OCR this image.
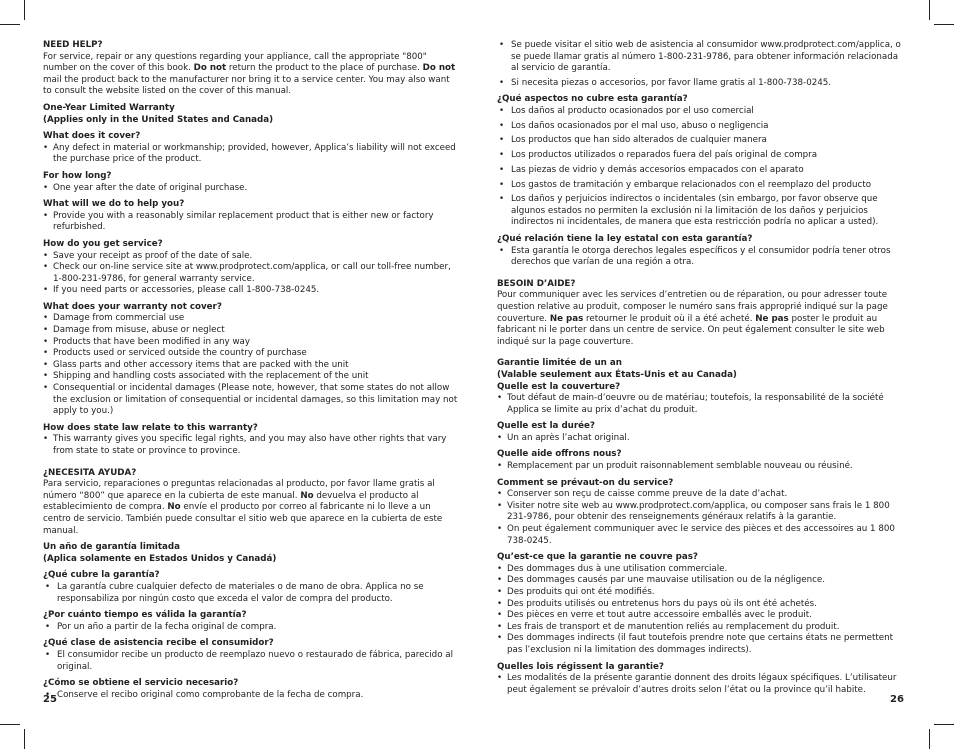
NEED HELP?

For service, repair or any questions regarding your appliance, call the appropriate "800" number on the cover of this book. Do not return the product to the place of purchase. Do not mail the product back to the manufacturer nor bring it to a service center. You may also want to consult the website listed on the cover of this manual.

One-Year Limited Warranty

(Applies only in the United States and Canada)

What does it cover?

• Any defect in material or workmanship; provided, however, Applica’s liability will not exceed the purchase price of the product.

For how long?

• One year after the date of original purchase.

What will we do to help you?

• Provide you with a reasonably similar replacement product that is either new or factory refurbished.

How do you get service?

• Save your receipt as proof of the date of sale.
• Check our on-line service site at www.prodprotect.com/applica, or call our toll-free number, 1-800-231-9786, for general warranty service.
• If you need parts or accessories, please call 1-800-738-0245.

What does your warranty not cover?

• Damage from commercial use
• Damage from misuse, abuse or neglect
• Products that have been modified in any way
• Products used or serviced outside the country of purchase
• Glass parts and other accessory items that are packed with the unit
• Shipping and handling costs associated with the replacement of the unit
• Consequential or incidental damages (Please note, however, that some states do not allow the exclusion or limitation of consequential or incidental damages, so this limitation may not apply to you.)

How does state law relate to this warranty?

• This warranty gives you specific legal rights, and you may also have other rights that vary from state to state or province to province.

¿NECESITA AYUDA?

Para servicio, reparaciones o preguntas relacionadas al producto, por favor llame gratis al número “800” que aparece en la cubierta de este manual. No devuelva el producto al establecimiento de compra. No envíe el producto por correo al fabricante ni lo lleve a un centro de servicio. También puede consultar el sitio web que aparece en la cubierta de este manual.

Un año de garantía limitada

(Aplica solamente en Estados Unidos y Canadá)

¿Qué cubre la garantía?

• La garantía cubre cualquier defecto de materiales o de mano de obra. Applica no se responsabiliza por ningún costo que exceda el valor de compra del producto.

¿Por cuánto tiempo es válida la garantía?

• Por un año a partir de la fecha original de compra.

¿Qué clase de asistencia recibe el consumidor?

• El consumidor recibe un producto de reemplazo nuevo o restaurado de fábrica, parecido al original.

¿Cómo se obtiene el servicio necesario?

• Conserve el recibo original como comprobante de la fecha de compra.
25
• Se puede visitar el sitio web de asistencia al consumidor www.prodprotect.com/applica, o se puede llamar gratis al número 1-800-231-9786, para obtener información relacionada al servicio de garantía.
• Si necesita piezas o accesorios, por favor llame gratis al 1-800-738-0245.

¿Qué aspectos no cubre esta garantía?

• Los daños al producto ocasionados por el uso comercial
• Los daños ocasionados por el mal uso, abuso o negligencia
• Los productos que han sido alterados de cualquier manera
• Los productos utilizados o reparados fuera del país original de compra
• Las piezas de vidrio y demás accesorios empacados con el aparato
• Los gastos de tramitación y embarque relacionados con el reemplazo del producto
• Los daños y perjuicios indirectos o incidentales (sin embargo, por favor observe que algunos estados no permiten la exclusión ni la limitación de los daños y perjuicios indirectos ni incidentales, de manera que esta restricción podría no aplicar a usted).

¿Qué relación tiene la ley estatal con esta garantía?

• Esta garantía le otorga derechos legales específicos y el consumidor podría tener otros derechos que varían de una región a otra.

BESOIN D’AIDE?

Pour communiquer avec les services d’entretien ou de réparation, ou pour adresser toute question relative au produit, composer le numéro sans frais approprié indiqué sur la page couverture. Ne pas retourner le produit où il a été acheté. Ne pas poster le produit au fabricant ni le porter dans un centre de service. On peut également consulter le site web indiqué sur la page couverture.

Garantie limitée de un an

(Valable seulement aux États-Unis et au Canada)

Quelle est la couverture?

• Tout défaut de main-d’oeuvre ou de matériau; toutefois, la responsabilité de la société Applica se limite au prix d’achat du produit.

Quelle est la durée?

• Un an après l’achat original.

Quelle aide offrons nous?

• Remplacement par un produit raisonnablement semblable nouveau ou réusiné.

Comment se prévaut-on du service?

• Conserver son reçu de caisse comme preuve de la date d’achat.
• Visiter notre site web au www.prodprotect.com/applica, ou composer sans frais le 1 800 231-9786, pour obtenir des renseignements généraux relatifs à la garantie.
• On peut également communiquer avec le service des pièces et des accessoires au 1 800 738-0245.

Qu’est-ce que la garantie ne couvre pas?

• Des dommages dus à une utilisation commerciale.
• Des dommages causés par une mauvaise utilisation ou de la négligence.
• Des produits qui ont été modifiés.
• Des produits utilisés ou entretenus hors du pays où ils ont été achetés.
• Des pièces en verre et tout autre accessoire emballés avec le produit.
• Les frais de transport et de manutention reliés au remplacement du produit.
• Des dommages indirects (il faut toutefois prendre note que certains états ne permettent pas l’exclusion ni la limitation des dommages indirects).

Quelles lois régissent la garantie?

• Les modalités de la présente garantie donnent des droits légaux spécifiques. L’utilisateur peut également se prévaloir d’autres droits selon l’état ou la province qu’il habite.
26
